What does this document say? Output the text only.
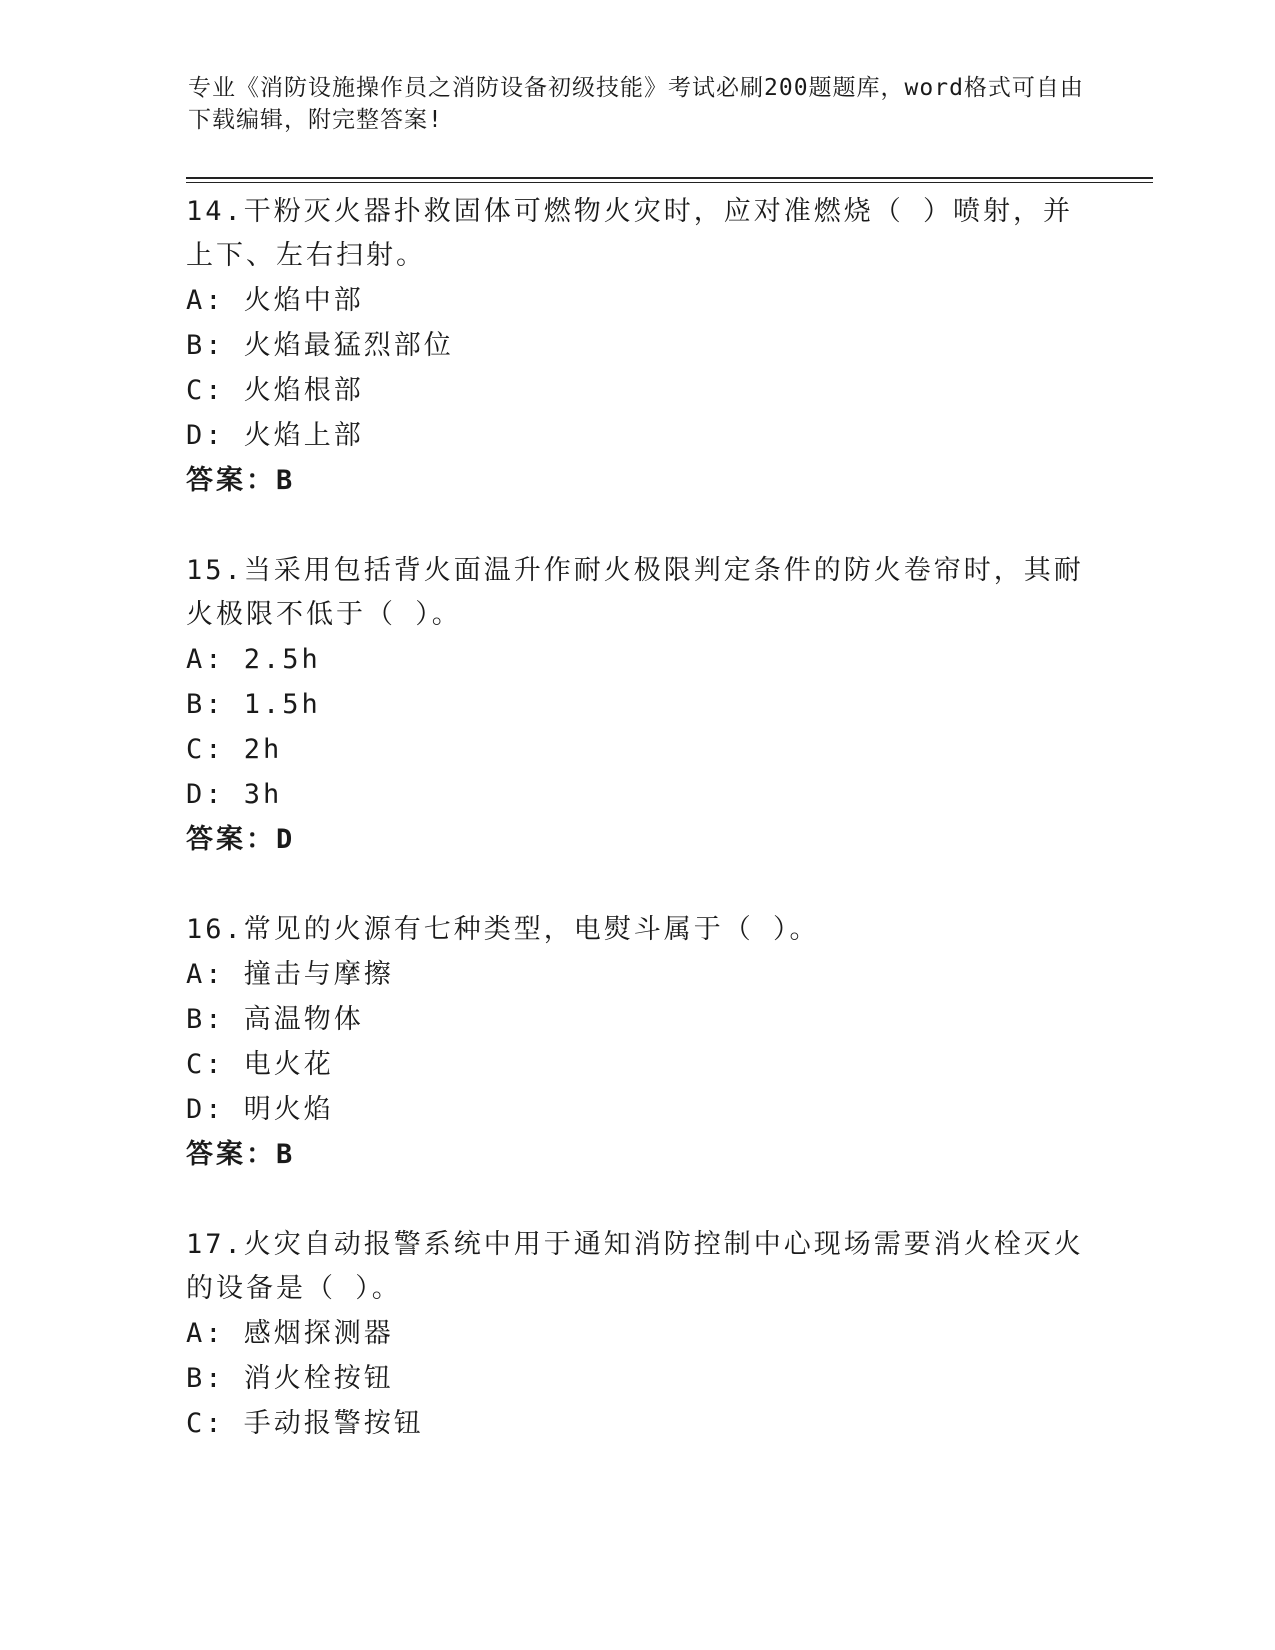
专业《消防设施操作员之消防设备初级技能》考试必刷200题题库，word格式可自由下载编辑，附完整答案!

14.干粉灭火器扑救固体可燃物火灾时，应对准燃烧（ ）喷射，并上下、左右扫射。

A: 火焰中部

B: 火焰最猛烈部位

C: 火焰根部

D: 火焰上部

答案：B

15.当采用包括背火面温升作耐火极限判定条件的防火卷帘时，其耐火极限不低于（ ）。

A: 2.5h

B: 1.5h

C: 2h

D: 3h

答案：D

16.常见的火源有七种类型，电熨斗属于（ ）。

A: 撞击与摩擦

B: 高温物体

C: 电火花

D: 明火焰

答案：B

17.火灾自动报警系统中用于通知消防控制中心现场需要消火栓灭火的设备是（ ）。

A: 感烟探测器

B: 消火栓按钮

C: 手动报警按钮
